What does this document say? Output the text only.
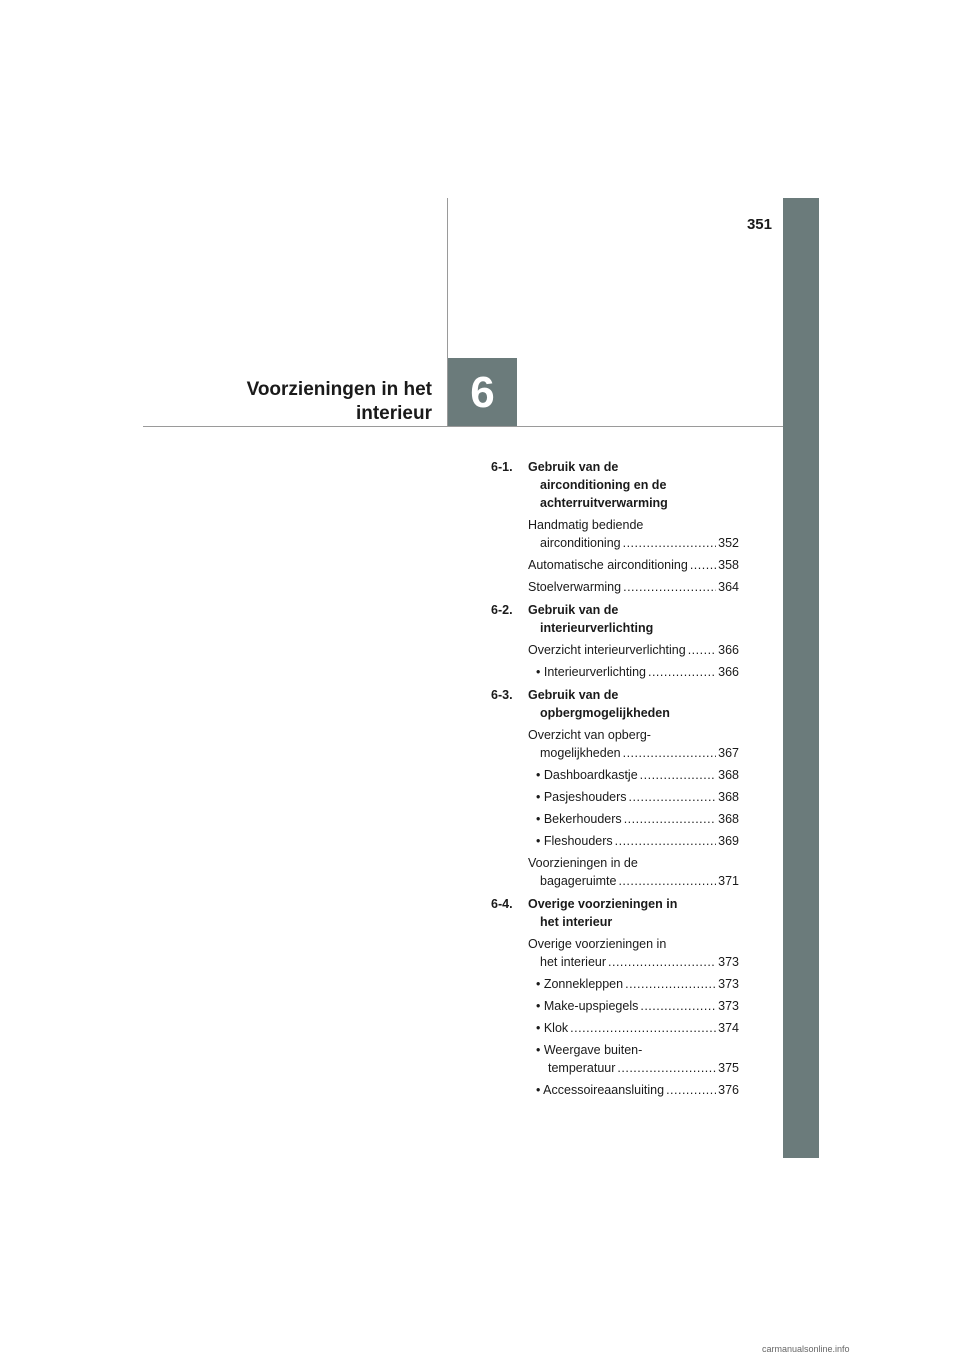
351
6
Voorzieningen in het
interieur
6-1.	Gebruik van de
airconditioning en de
achterruitverwarming
Handmatig bediende
airconditioning .....	352
Automatische airconditioning ..... 358
Stoelverwarming .....	364
6-2.	Gebruik van de
interieurverlichting
Overzicht interieurverlichting .....	366
• Interieurverlichting .....	366
6-3.	Gebruik van de
opbergmogelijkheden
Overzicht van opberg-
mogelijkheden .....	367
• Dashboardkastje .....	368
• Pasjeshouders .....	368
• Bekerhouders .....	368
• Fleshouders .....	369
Voorzieningen in de
bagageruimte .....	371
6-4.	Overige voorzieningen in
het interieur
Overige voorzieningen in
het interieur .....	373
• Zonnekleppen .....	373
• Make-upspiegels .....	373
• Klok .....	374
• Weergave buiten-
temperatuur .....	375
• Accessoireaansluiting .....	376
carmanualsonline.info
